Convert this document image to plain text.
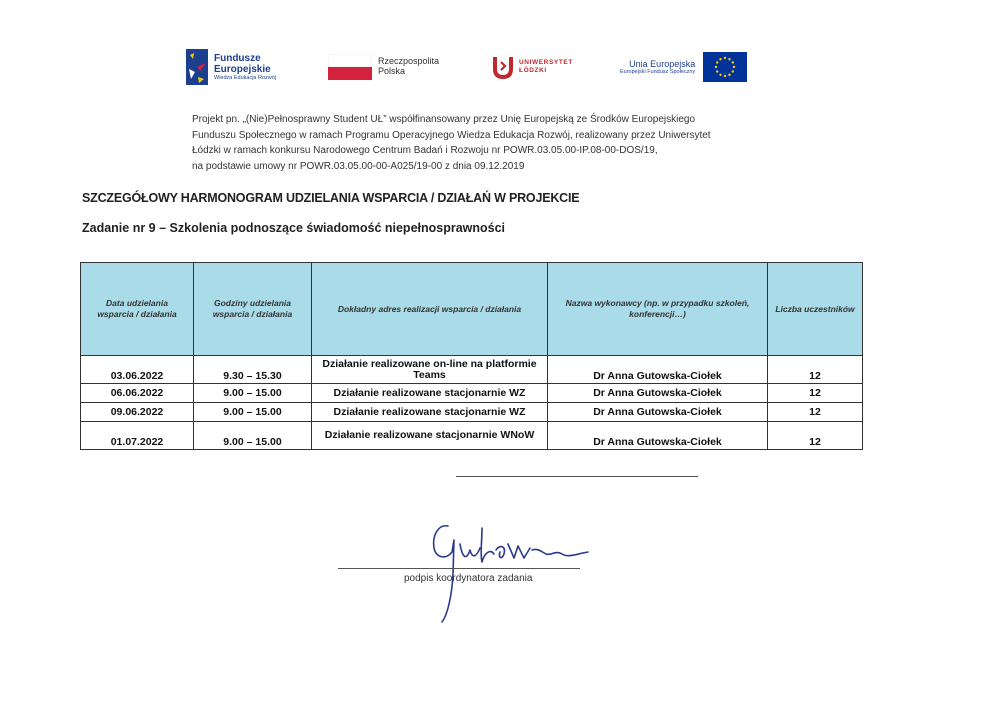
Fundusze
Europejskie
Wiedza Edukacja Rozwój
Rzeczpospolita
Polska
UNIWERSYTET
ŁÓDZKI
Unia Europejska
Europejski Fundusz Społeczny
Projekt pn. „(Nie)Pełnosprawny Student UŁ” współfinansowany przez Unię Europejską ze Środków Europejskiego
Funduszu Społecznego w ramach Programu Operacyjnego Wiedza Edukacja Rozwój, realizowany przez Uniwersytet
Łódzki w ramach konkursu Narodowego Centrum Badań i Rozwoju nr POWR.03.05.00-IP.08-00-DOS/19,
na podstawie umowy nr POWR.03.05.00-00-A025/19-00 z dnia 09.12.2019
SZCZEGÓŁOWY HARMONOGRAM UDZIELANIA WSPARCIA / DZIAŁAŃ W PROJEKCIE
Zadanie nr 9 – Szkolenia podnoszące świadomość niepełnosprawności
Data udzielania wsparcia / działania	Godziny udzielania wsparcia / działania	Dokładny adres realizacji wsparcia / działania	Nazwa wykonawcy (np. w przypadku szkoleń, konferencji…)	Liczba uczestników
03.06.2022	9.30 – 15.30	Działanie realizowane on-line na platformie Teams	Dr Anna Gutowska-Ciołek	12
06.06.2022	9.00 – 15.00	Działanie realizowane stacjonarnie WZ	Dr Anna Gutowska-Ciołek	12
09.06.2022	9.00 – 15.00	Działanie realizowane stacjonarnie WZ	Dr Anna Gutowska-Ciołek	12
01.07.2022	9.00 – 15.00	Działanie realizowane stacjonarnie WNoW	Dr Anna Gutowska-Ciołek	12
podpis koordynatora zadania
